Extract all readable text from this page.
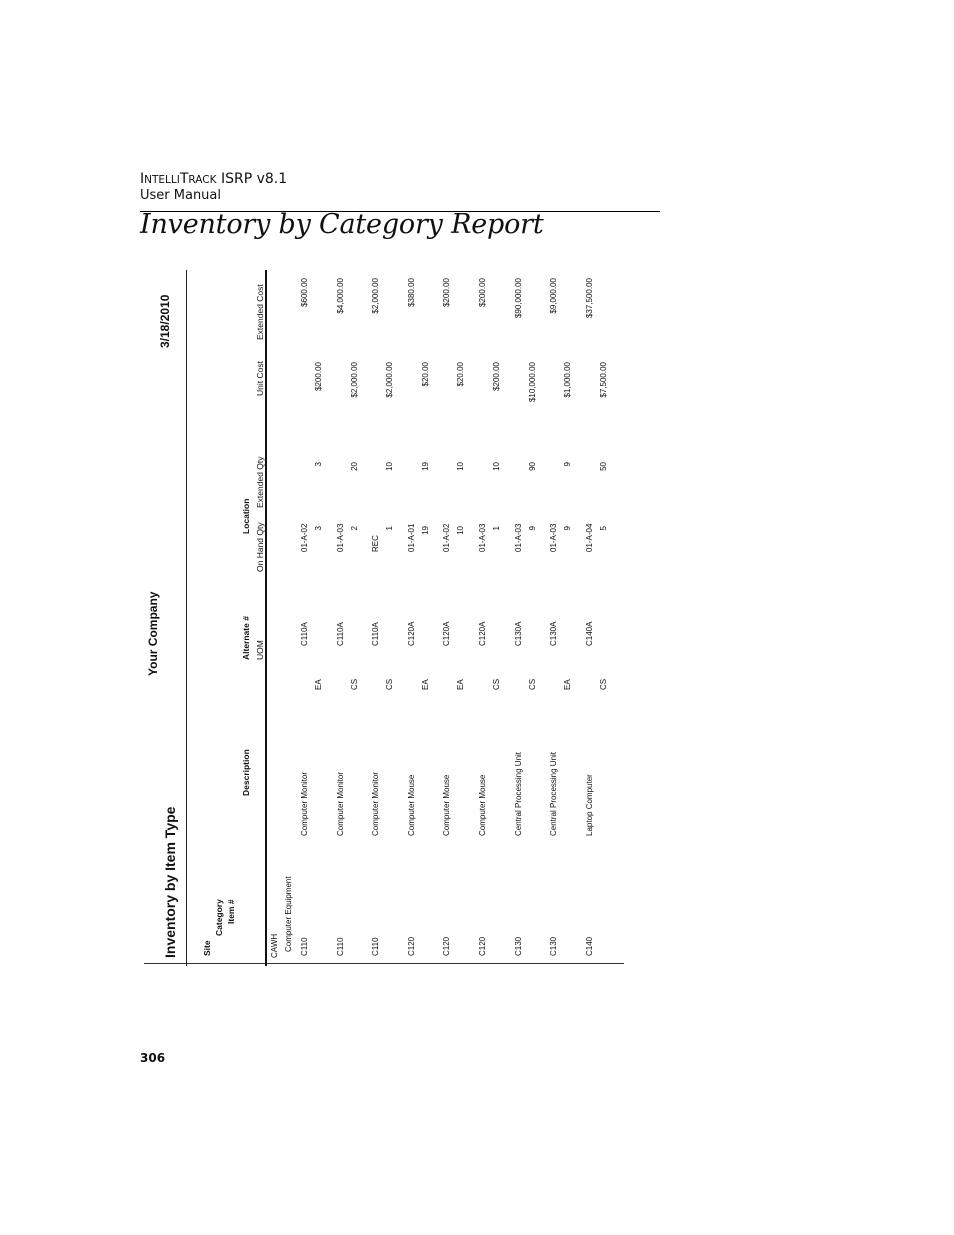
INTELLITRACK ISRP v8.1
User Manual
Inventory by Category Report
Inventory by Item Type
Your Company
3/18/2010
Site
Category Item #
Description
Alternate # UOM
Location
On Hand Qty
Extended Qty
Unit Cost
Extended Cost
CAWH Computer Equipment C110
Computer Monitor
C110A
EA
01-A-02 3
3
$200.00
$600.00
C110
Computer Monitor
C110A
CS
01-A-03 2
20
$2,000.00
$4,000.00
C110
Computer Monitor
C110A
CS
REC
1
10
$2,000.00
$2,000.00
C120
Computer Mouse
C120A
EA
01-A-01 19
19
$20.00
$380.00
C120
Computer Mouse
C120A
EA
01-A-02 10
10
$20.00
$200.00
C120
Computer Mouse
C120A
CS
01-A-03 1
10
$200.00
$200.00
C130
Central Processing Unit
C130A
CS
01-A-03 9
90
$10,000.00
$90,000.00
C130
Central Processing Unit
C130A
EA
01-A-03 9
9
$1,000.00
$9,000.00
C140
Laptop Computer
C140A
CS
01-A-04 5
50
$7,500.00
$37,500.00
306
